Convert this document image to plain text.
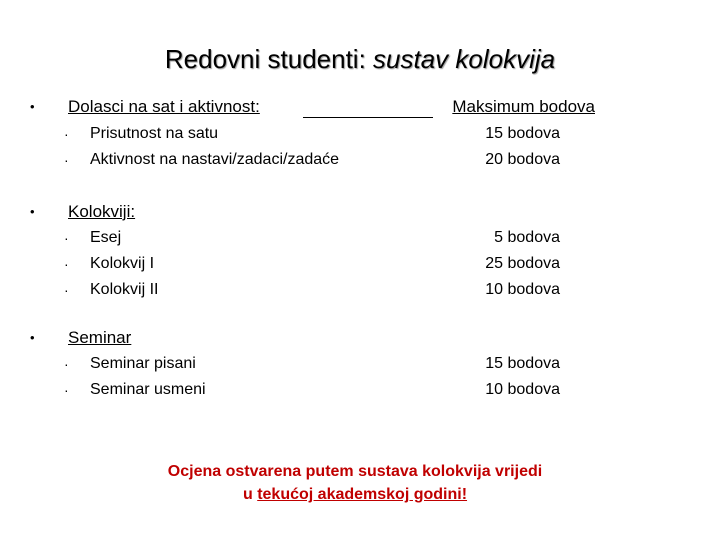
Redovni studenti: sustav kolokvija
• Dolasci na sat i aktivnost:	Maksimum bodova
· Prisutnost na satu	15 bodova
· Aktivnost na nastavi/zadaci/zadaće	20 bodova
• Kolokviji:
· Esej	5 bodova
· Kolokvij I	25 bodova
· Kolokvij II	10 bodova
• Seminar
· Seminar pisani	15 bodova
· Seminar usmeni	10 bodova
Ocjena ostvarena putem sustava kolokvija vrijedi
u tekućoj akademskoj godini!
